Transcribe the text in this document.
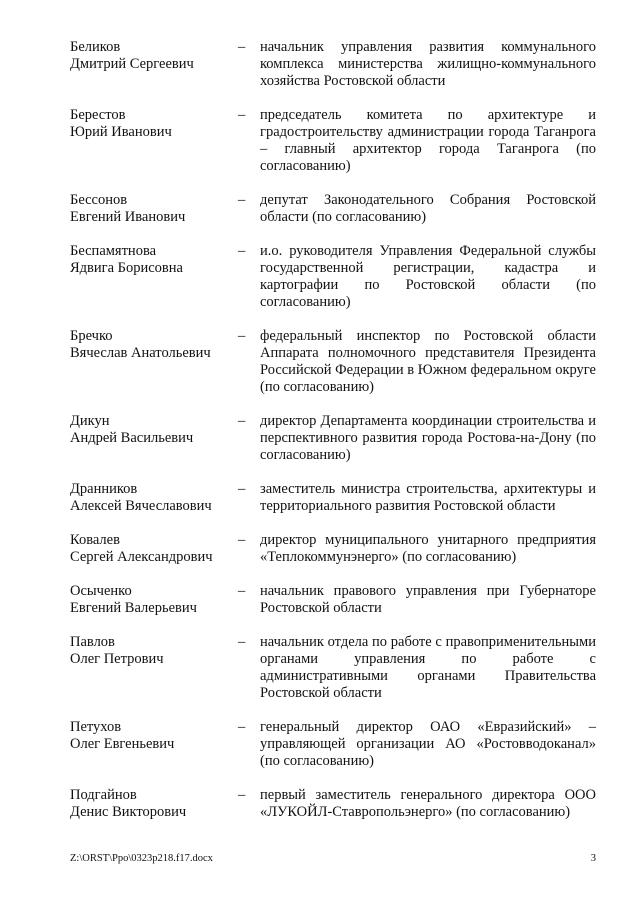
Бeликов
Дмитрий Сергеевич
–	начальник управления развития коммунального комплекса министерства жилищно-коммунального хозяйства Ростовской области
Берестов
Юрий Иванович
–	председатель комитета по архитектуре и градостроительству администрации города Таганрога – главный архитектор города Таганрога (по согласованию)
Бессонов
Евгений Иванович
–	депутат Законодательного Собрания Ростовской области (по согласованию)
Беспамятнова
Ядвига Борисовна
–	и.о. руководителя Управления Федеральной службы государственной регистрации, кадастра и картографии по Ростовской области (по согласованию)
Бречко
Вячеслав Анатольевич
–	федеральный инспектор по Ростовской области Аппарата полномочного представителя Президента Российской Федерации в Южном федеральном округе (по согласованию)
Дикун
Андрей Васильевич
–	директор Департамента координации строительства и перспективного развития города Ростова-на-Дону (по согласованию)
Дранников
Алексей Вячеславович
–	заместитель министра строительства, архитектуры и территориального развития Ростовской области
Ковалев
Сергей Александрович
–	директор муниципального унитарного предприятия «Теплокоммунэнерго» (по согласованию)
Осыченко
Евгений Валерьевич
–	начальник правового управления при Губернаторе Ростовской области
Павлов
Олег Петрович
–	начальник отдела по работе с правоприменительными органами управления по работе с административными органами Правительства Ростовской области
Петухов
Олег Евгеньевич
–	генеральный директор ОАО «Евразийский» – управляющей организации АО «Ростовводоканал» (по согласованию)
Подгайнов
Денис Викторович
–	первый заместитель генерального директора ООО «ЛУКОЙЛ-Ставропольэнерго» (по согласованию)
Z:\ORST\Ppo\0323p218.f17.docx	3
